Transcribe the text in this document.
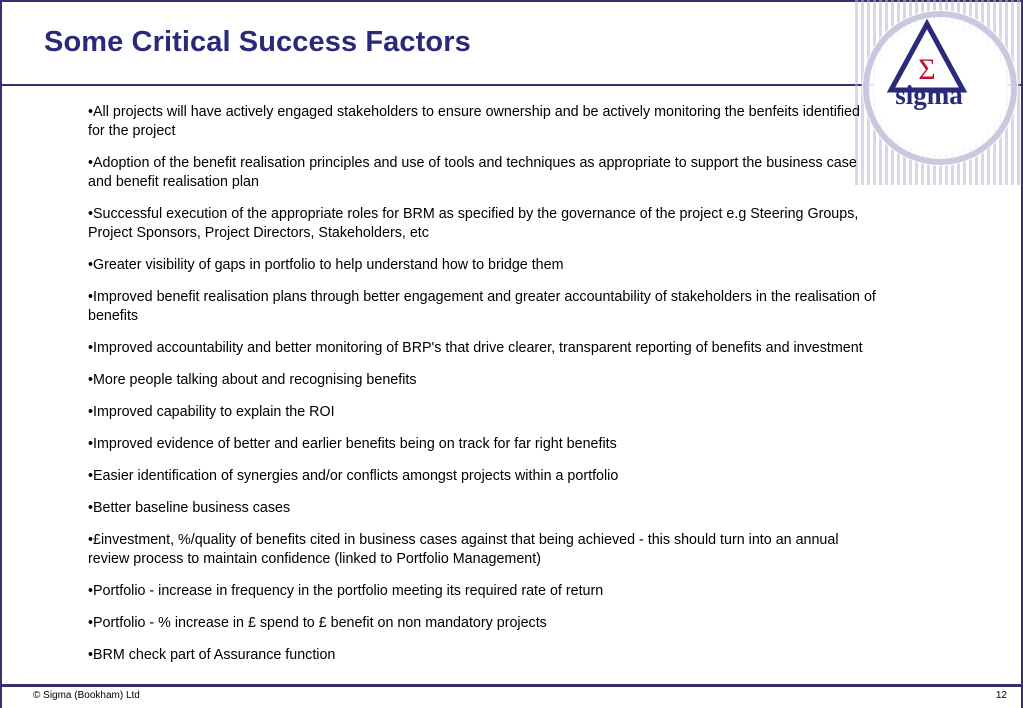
Some Critical Success Factors
Σ
sigma
•All projects will have actively engaged stakeholders to ensure ownership and be actively monitoring the benfeits identified for the project
•Adoption of the benefit realisation principles and use of tools and techniques as appropriate to support the business case and benefit realisation plan
•Successful execution of the appropriate roles for BRM as specified by the governance of the project e.g Steering Groups, Project Sponsors, Project Directors, Stakeholders, etc
•Greater visibility of gaps in portfolio to help understand how to bridge them
•Improved benefit realisation plans through better engagement and greater accountability of stakeholders in the realisation of benefits
•Improved accountability and better monitoring of BRP's that drive clearer, transparent reporting of benefits and investment
•More people talking about and recognising benefits
•Improved capability to explain the ROI
•Improved evidence of better and earlier benefits being on track for far right benefits
•Easier identification of synergies and/or conflicts amongst projects within a portfolio
•Better baseline business cases
•£investment, %/quality of benefits cited in business cases against that being achieved - this should turn into an annual review process to maintain confidence (linked to Portfolio Management)
•Portfolio - increase in frequency in the portfolio meeting its required rate of return
•Portfolio - % increase in £ spend to £ benefit on non mandatory projects
•BRM check part of Assurance function
© Sigma (Bookham) Ltd	12
